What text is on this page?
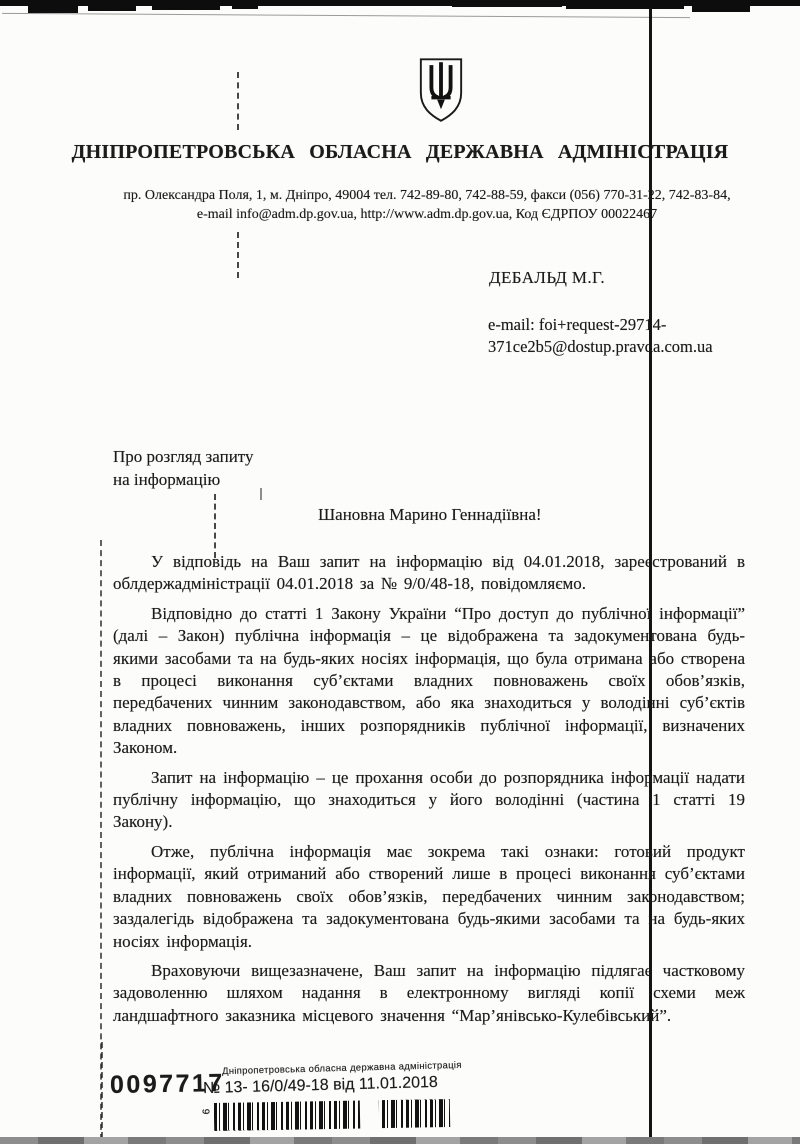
ДНІПРОПЕТРОВСЬКА ОБЛАСНА ДЕРЖАВНА АДМІНІСТРАЦІЯ
пр. Олександра Поля, 1, м. Дніпро, 49004 тел. 742-89-80, 742-88-59, факси (056) 770-31-22, 742-83-84,
e-mail info@adm.dp.gov.ua, http://www.adm.dp.gov.ua, Код ЄДРПОУ 00022467
ДЕБАЛЬД М.Г.
e-mail: foi+request-29714-
371ce2b5@dostup.pravda.com.ua
Про розгляд запиту
на інформацію
Шановна Марино Геннадіївна!

У відповідь на Ваш запит на інформацію від 04.01.2018, зареєстрований в облдержадміністрації 04.01.2018 за № 9/0/48-18, повідомляємо.

Відповідно до статті 1 Закону України “Про доступ до публічної інформації” (далі – Закон) публічна інформація – це відображена та задокументована будь-якими засобами та на будь-яких носіях інформація, що була отримана або створена в процесі виконання суб’єктами владних повноважень своїх обов’язків, передбачених чинним законодавством, або яка знаходиться у володінні суб’єктів владних повноважень, інших розпорядників публічної інформації, визначених Законом.

Запит на інформацію – це прохання особи до розпорядника інформації надати публічну інформацію, що знаходиться у його володінні (частина 1 статті 19 Закону).

Отже, публічна інформація має зокрема такі ознаки: готовий продукт інформації, який отриманий або створений лише в процесі виконання суб’єктами владних повноважень своїх обов’язків, передбачених чинним законодавством; заздалегідь відображена та задокументована будь-якими засобами та на будь-яких носіях інформація.

Враховуючи вищезазначене, Ваш запит на інформацію підлягає частковому задоволенню шляхом надання в електронному вигляді копії схеми меж ландшафтного заказника місцевого значення “Мар’янівсько-Кулебівський”.

0097717
Дніпропетровська обласна державна адміністрація
№ 13- 16/0/49-18 від 11.01.2018
9
